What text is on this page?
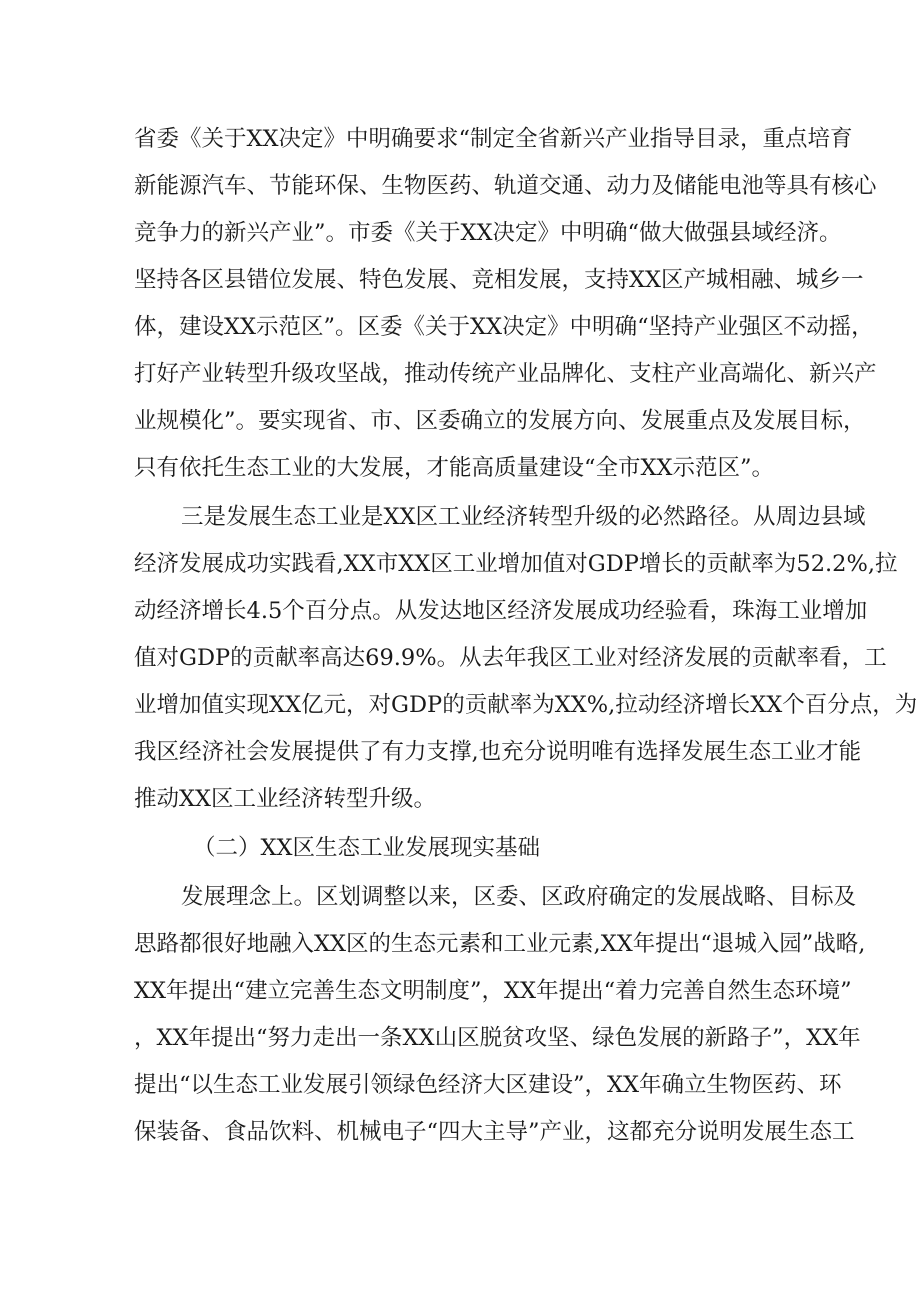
省委《关于XX决定》中明确要求“制定全省新兴产业指导目录，重点培育
新能源汽车、节能环保、生物医药、轨道交通、动力及储能电池等具有核心
竞争力的新兴产业”。市委《关于XX决定》中明确“做大做强县域经济。
坚持各区县错位发展、特色发展、竞相发展，支持XX区产城相融、城乡一
体，建设XX示范区”。区委《关于XX决定》中明确“坚持产业强区不动摇，
打好产业转型升级攻坚战，推动传统产业品牌化、支柱产业高端化、新兴产
业规模化”。要实现省、市、区委确立的发展方向、发展重点及发展目标，
只有依托生态工业的大发展，才能高质量建设“全市XX示范区”。
三是发展生态工业是XX区工业经济转型升级的必然路径。从周边县域
经济发展成功实践看,XX市XX区工业增加值对GDP增长的贡献率为52.2%,拉
动经济增长4.5个百分点。从发达地区经济发展成功经验看，珠海工业增加
值对GDP的贡献率高达69.9%。从去年我区工业对经济发展的贡献率看，工
业增加值实现XX亿元，对GDP的贡献率为XX%,拉动经济增长XX个百分点，为
我区经济社会发展提供了有力支撑,也充分说明唯有选择发展生态工业才能
推动XX区工业经济转型升级。
（二）XX区生态工业发展现实基础
发展理念上。区划调整以来，区委、区政府确定的发展战略、目标及
思路都很好地融入XX区的生态元素和工业元素,XX年提出“退城入园”战略,
XX年提出“建立完善生态文明制度”，XX年提出“着力完善自然生态环境”
，XX年提出“努力走出一条XX山区脱贫攻坚、绿色发展的新路子”，XX年
提出“以生态工业发展引领绿色经济大区建设”，XX年确立生物医药、环
保装备、食品饮料、机械电子“四大主导”产业，这都充分说明发展生态工
